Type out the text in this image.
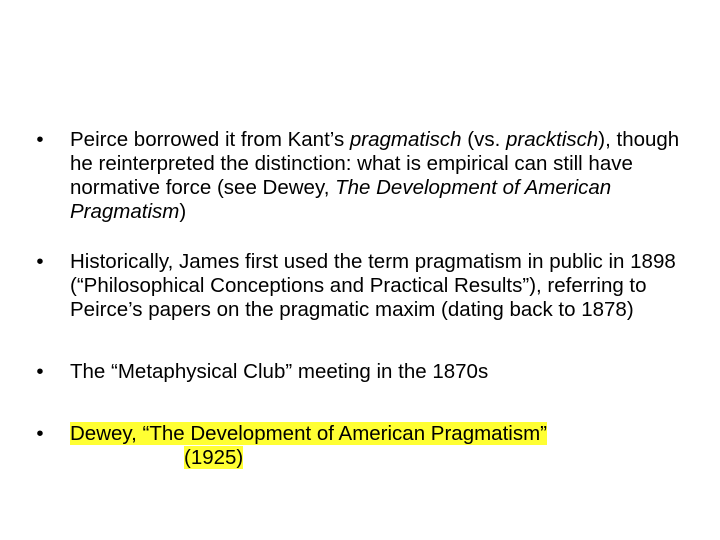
•	Peirce borrowed it from Kant’s pragmatisch (vs. pracktisch), though he reinterpreted the distinction: what is empirical can still have normative force (see Dewey, The Development of American Pragmatism)
•	Historically, James first used the term pragmatism in public in 1898 (“Philosophical Conceptions and Practical Results”), referring to Peirce’s papers on the pragmatic maxim (dating back to 1878)
•	The “Metaphysical Club” meeting in the 1870s
•	Dewey, “The Development of American Pragmatism”
(1925)
